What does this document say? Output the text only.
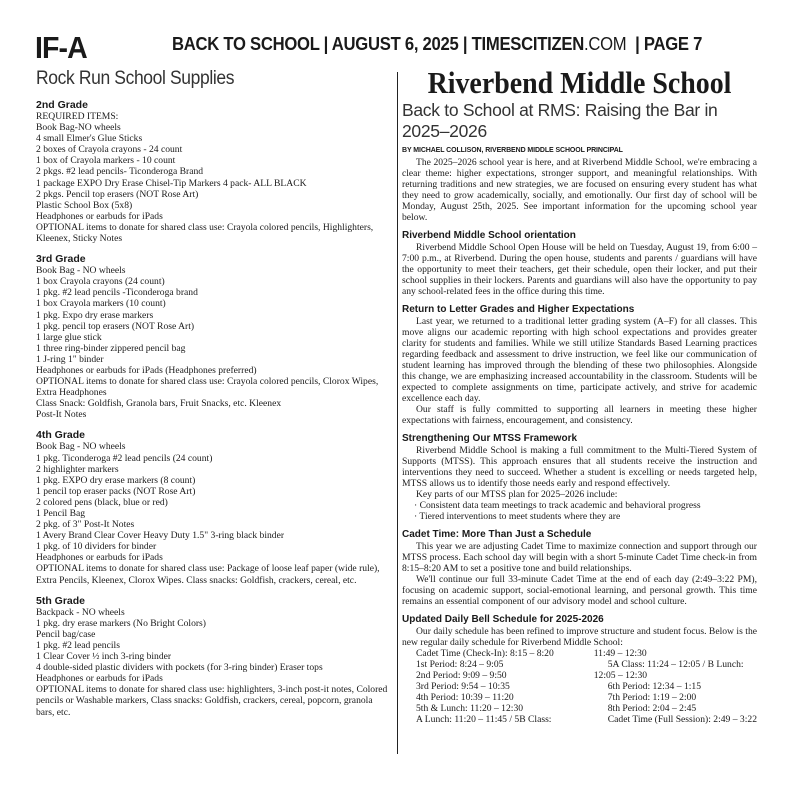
IF-A	BACK TO SCHOOL | AUGUST 6, 2025 | TIMESCITIZEN.COM  | PAGE 7
Rock Run School Supplies
2nd Grade
REQUIRED ITEMS:
Book Bag-NO wheels
4 small Elmer's Glue Sticks
2 boxes of Crayola crayons - 24 count
1 box of Crayola markers - 10 count
2 pkgs. #2 lead pencils- Ticonderoga Brand
1 package EXPO Dry Erase Chisel-Tip Markers 4 pack- ALL BLACK
2 pkgs. Pencil top erasers (NOT Rose Art)
Plastic School Box (5x8)
Headphones or earbuds for iPads
OPTIONAL items to donate for shared class use: Crayola colored pencils, Highlighters, Kleenex, Sticky Notes
3rd Grade
Book Bag - NO wheels
1 box Crayola crayons (24 count)
1 pkg. #2 lead pencils -Ticonderoga brand
1 box Crayola markers (10 count)
1 pkg. Expo dry erase markers
1 pkg. pencil top erasers (NOT Rose Art)
1 large glue stick
1 three ring-binder zippered pencil bag
1 J-ring 1" binder
Headphones or earbuds for iPads (Headphones preferred)
OPTIONAL items to donate for shared class use: Crayola colored pencils, Clorox Wipes, Extra Headphones
Class Snack: Goldfish, Granola bars, Fruit Snacks, etc. Kleenex
Post-It Notes
4th Grade
Book Bag - NO wheels
1 pkg. Ticonderoga #2 lead pencils (24 count)
2 highlighter markers
1 pkg. EXPO dry erase markers (8 count)
1 pencil top eraser packs (NOT Rose Art)
2 colored pens (black, blue or red)
1 Pencil Bag
2 pkg. of 3" Post-It Notes
1 Avery Brand Clear Cover Heavy Duty 1.5" 3-ring black binder
1 pkg. of 10 dividers for binder
Headphones or earbuds for iPads
OPTIONAL items to donate for shared class use: Package of loose leaf paper (wide rule), Extra Pencils, Kleenex, Clorox Wipes. Class snacks: Goldfish, crackers, cereal, etc.
5th Grade
Backpack - NO wheels
1 pkg. dry erase markers (No Bright Colors)
Pencil bag/case
1 pkg. #2 lead pencils
1 Clear Cover ½ inch 3-ring binder
4 double-sided plastic dividers with pockets (for 3-ring binder) Eraser tops
Headphones or earbuds for iPads
OPTIONAL items to donate for shared class use: highlighters, 3-inch post-it notes, Colored pencils or Washable markers, Class snacks: Goldfish, crackers, cereal, popcorn, granola bars, etc.
Riverbend Middle School
Back to School at RMS: Raising the Bar in 2025–2026
BY MICHAEL COLLISON, RIVERBEND MIDDLE SCHOOL PRINCIPAL
The 2025–2026 school year is here, and at Riverbend Middle School, we're embracing a clear theme: higher expectations, stronger support, and meaningful relationships. With returning traditions and new strategies, we are focused on ensuring every student has what they need to grow academically, socially, and emotionally. Our first day of school will be Monday, August 25th, 2025. See important information for the upcoming school year below.
Riverbend Middle School orientation
Riverbend Middle School Open House will be held on Tuesday, August 19, from 6:00 – 7:00 p.m., at Riverbend. During the open house, students and parents / guardians will have the opportunity to meet their teachers, get their schedule, open their locker, and put their school supplies in their lockers. Parents and guardians will also have the opportunity to pay any school-related fees in the office during this time.
Return to Letter Grades and Higher Expectations
Last year, we returned to a traditional letter grading system (A–F) for all classes. This move aligns our academic reporting with high school expectations and provides greater clarity for students and families. While we still utilize Standards Based Learning practices regarding feedback and assessment to drive instruction, we feel like our communication of student learning has improved through the blending of these two philosophies. Alongside this change, we are emphasizing increased accountability in the classroom. Students will be expected to complete assignments on time, participate actively, and strive for academic excellence each day.
Our staff is fully committed to supporting all learners in meeting these higher expectations with fairness, encouragement, and consistency.
Strengthening Our MTSS Framework
Riverbend Middle School is making a full commitment to the Multi-Tiered System of Supports (MTSS). This approach ensures that all students receive the instruction and interventions they need to succeed. Whether a student is excelling or needs targeted help, MTSS allows us to identify those needs early and respond effectively.
Key parts of our MTSS plan for 2025–2026 include:
· Consistent data team meetings to track academic and behavioral progress
· Tiered interventions to meet students where they are
Cadet Time: More Than Just a Schedule
This year we are adjusting Cadet Time to maximize connection and support through our MTSS process. Each school day will begin with a short 5-minute Cadet Time check-in from 8:15–8:20 AM to set a positive tone and build relationships.
We'll continue our full 33-minute Cadet Time at the end of each day (2:49–3:22 PM), focusing on academic support, social-emotional learning, and personal growth. This time remains an essential component of our advisory model and school culture.
Updated Daily Bell Schedule for 2025-2026
Our daily schedule has been refined to improve structure and student focus. Below is the new regular daily schedule for Riverbend Middle School:
Cadet Time (Check-In): 8:15 – 8:20
1st Period: 8:24 – 9:05
2nd Period: 9:09 – 9:50
3rd Period: 9:54 – 10:35
4th Period: 10:39 – 11:20
5th & Lunch: 11:20 – 12:30
A Lunch: 11:20 – 11:45 / 5B Class:
11:49 – 12:30
5A Class: 11:24 – 12:05 / B Lunch:
12:05 – 12:30
6th Period: 12:34 – 1:15
7th Period: 1:19 – 2:00
8th Period: 2:04 – 2:45
Cadet Time (Full Session): 2:49 – 3:22
